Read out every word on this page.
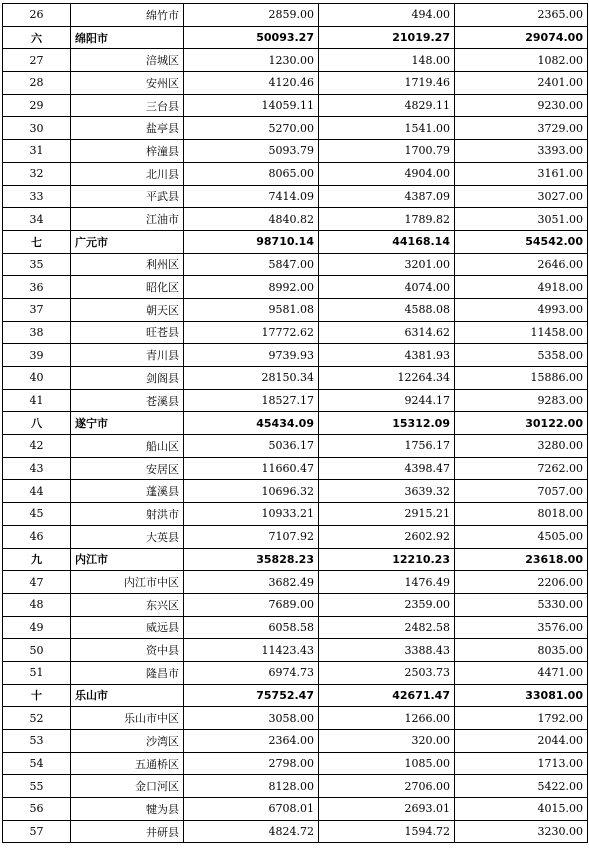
26	绵竹市	2859.00	494.00	2365.00
六	绵阳市	50093.27	21019.27	29074.00
27	涪城区	1230.00	148.00	1082.00
28	安州区	4120.46	1719.46	2401.00
29	三台县	14059.11	4829.11	9230.00
30	盐亭县	5270.00	1541.00	3729.00
31	梓潼县	5093.79	1700.79	3393.00
32	北川县	8065.00	4904.00	3161.00
33	平武县	7414.09	4387.09	3027.00
34	江油市	4840.82	1789.82	3051.00
七	广元市	98710.14	44168.14	54542.00
35	利州区	5847.00	3201.00	2646.00
36	昭化区	8992.00	4074.00	4918.00
37	朝天区	9581.08	4588.08	4993.00
38	旺苍县	17772.62	6314.62	11458.00
39	青川县	9739.93	4381.93	5358.00
40	剑阁县	28150.34	12264.34	15886.00
41	苍溪县	18527.17	9244.17	9283.00
八	遂宁市	45434.09	15312.09	30122.00
42	船山区	5036.17	1756.17	3280.00
43	安居区	11660.47	4398.47	7262.00
44	蓬溪县	10696.32	3639.32	7057.00
45	射洪市	10933.21	2915.21	8018.00
46	大英县	7107.92	2602.92	4505.00
九	内江市	35828.23	12210.23	23618.00
47	内江市中区	3682.49	1476.49	2206.00
48	东兴区	7689.00	2359.00	5330.00
49	威远县	6058.58	2482.58	3576.00
50	资中县	11423.43	3388.43	8035.00
51	隆昌市	6974.73	2503.73	4471.00
十	乐山市	75752.47	42671.47	33081.00
52	乐山市中区	3058.00	1266.00	1792.00
53	沙湾区	2364.00	320.00	2044.00
54	五通桥区	2798.00	1085.00	1713.00
55	金口河区	8128.00	2706.00	5422.00
56	犍为县	6708.01	2693.01	4015.00
57	井研县	4824.72	1594.72	3230.00
